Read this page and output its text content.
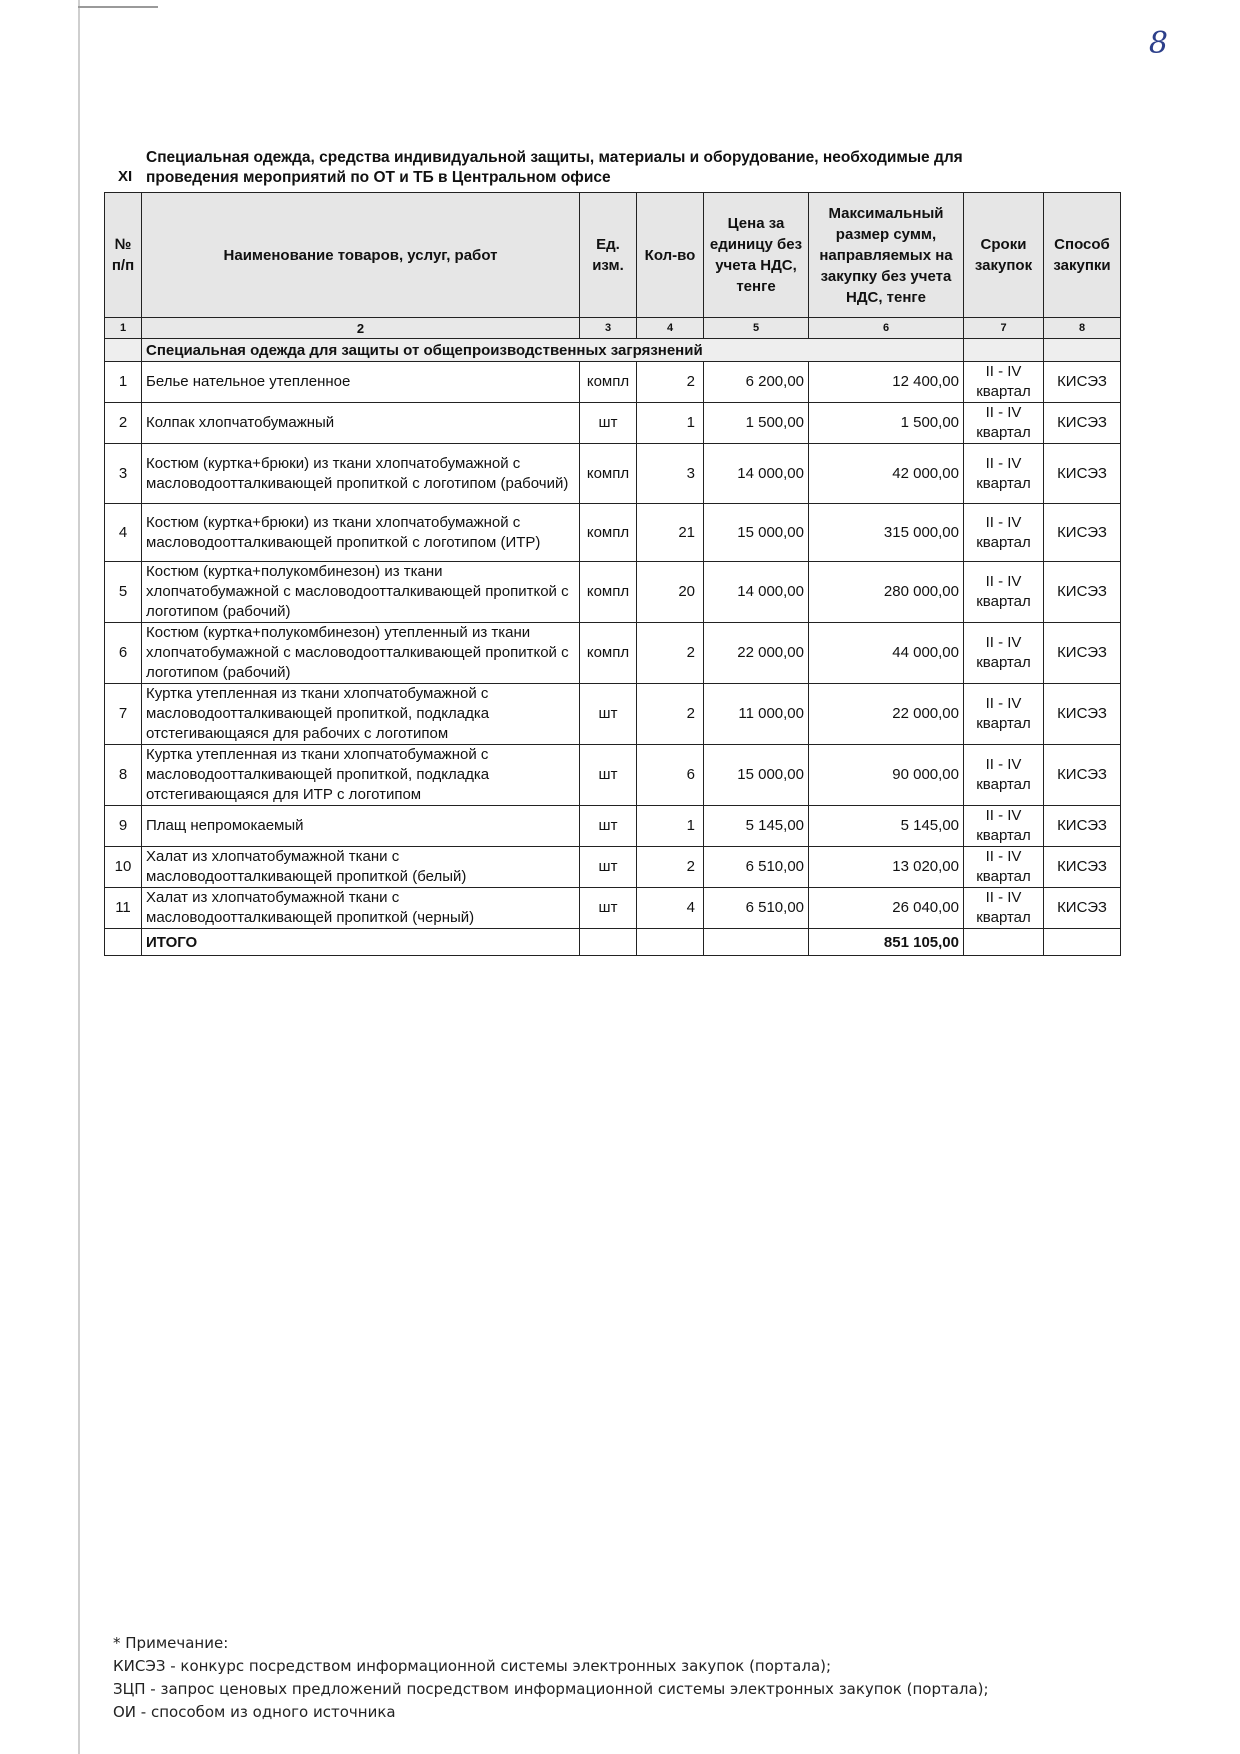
8
XI
Специальная одежда, средства индивидуальной защиты, материалы и оборудование, необходимые для проведения мероприятий по ОТ и ТБ в Центральном офисе
№ п/п	Наименование товаров, услуг, работ	Ед. изм.	Кол-во	Цена за единицу без учета НДС, тенге	Максимальный размер сумм, направляемых на закупку без учета НДС, тенге	Сроки закупок	Способ закупки
1	2	3	4	5	6	7	8
	Специальная одежда для защиты от общепроизводственных загрязнений						
1	Белье нательное утепленное	компл	2	6 200,00	12 400,00	II - IV квартал	КИСЭЗ
2	Колпак хлопчатобумажный	шт	1	1 500,00	1 500,00	II - IV квартал	КИСЭЗ
3	Костюм (куртка+брюки) из ткани хлопчатобумажной с масловодоотталкивающей пропиткой с логотипом (рабочий)	компл	3	14 000,00	42 000,00	II - IV квартал	КИСЭЗ
4	Костюм (куртка+брюки) из ткани хлопчатобумажной с масловодоотталкивающей пропиткой с логотипом (ИТР)	компл	21	15 000,00	315 000,00	II - IV квартал	КИСЭЗ
5	Костюм (куртка+полукомбинезон) из ткани хлопчатобумажной с масловодоотталкивающей пропиткой с логотипом (рабочий)	компл	20	14 000,00	280 000,00	II - IV квартал	КИСЭЗ
6	Костюм (куртка+полукомбинезон) утепленный из ткани хлопчатобумажной с масловодоотталкивающей пропиткой с логотипом (рабочий)	компл	2	22 000,00	44 000,00	II - IV квартал	КИСЭЗ
7	Куртка утепленная из ткани хлопчатобумажной с масловодоотталкивающей пропиткой, подкладка отстегивающаяся для рабочих с логотипом	шт	2	11 000,00	22 000,00	II - IV квартал	КИСЭЗ
8	Куртка утепленная из ткани хлопчатобумажной с масловодоотталкивающей пропиткой, подкладка отстегивающаяся для ИТР с логотипом	шт	6	15 000,00	90 000,00	II - IV квартал	КИСЭЗ
9	Плащ непромокаемый	шт	1	5 145,00	5 145,00	II - IV квартал	КИСЭЗ
10	Халат из хлопчатобумажной ткани с масловодоотталкивающей пропиткой (белый)	шт	2	6 510,00	13 020,00	II - IV квартал	КИСЭЗ
11	Халат из хлопчатобумажной ткани с масловодоотталкивающей пропиткой (черный)	шт	4	6 510,00	26 040,00	II - IV квартал	КИСЭЗ
	ИТОГО				851 105,00		
* Примечание:
КИСЭЗ - конкурс посредством информационной системы электронных закупок (портала);
ЗЦП - запрос ценовых предложений посредством информационной системы электронных закупок (портала);
ОИ - способом из одного источника
